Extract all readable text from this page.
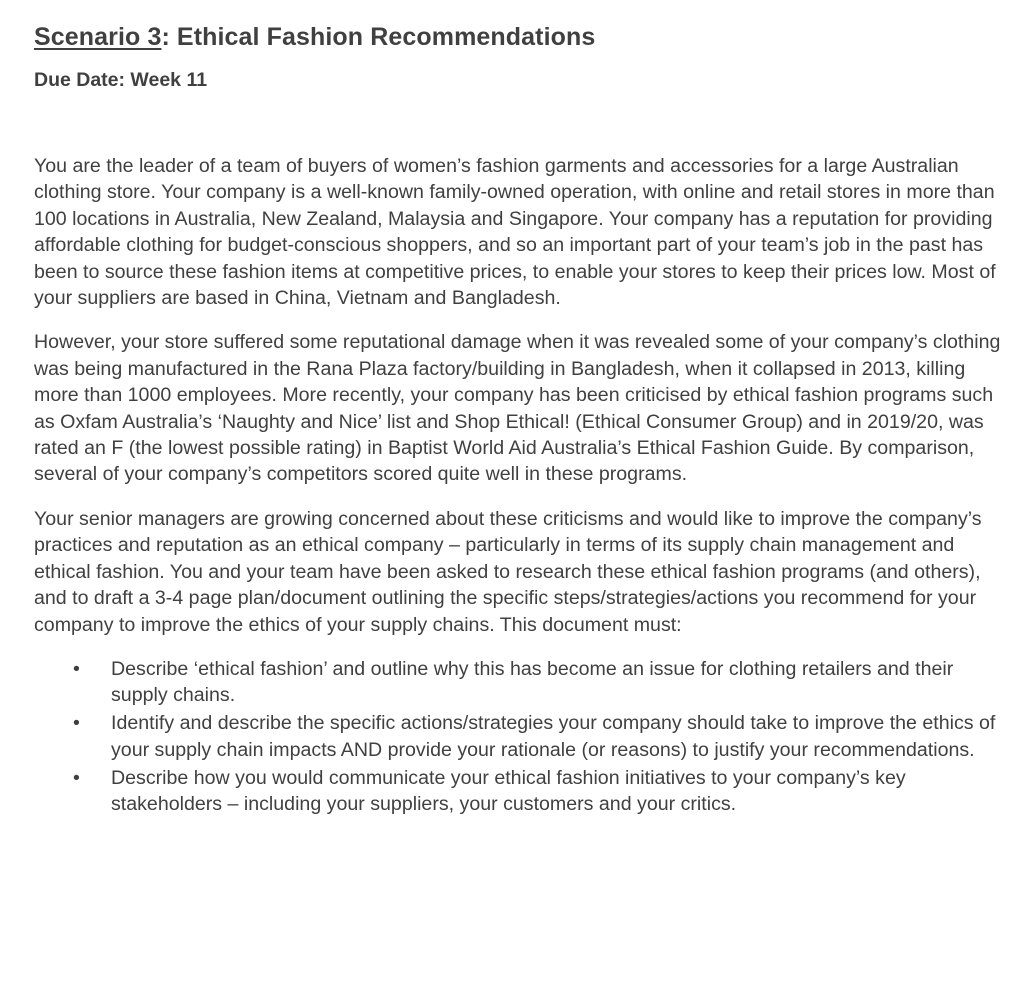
Scenario 3: Ethical Fashion Recommendations
Due Date: Week 11

You are the leader of a team of buyers of women’s fashion garments and accessories for a large Australian clothing store. Your company is a well-known family-owned operation, with online and retail stores in more than 100 locations in Australia, New Zealand, Malaysia and Singapore. Your company has a reputation for providing affordable clothing for budget-conscious shoppers, and so an important part of your team’s job in the past has been to source these fashion items at competitive prices, to enable your stores to keep their prices low. Most of your suppliers are based in China, Vietnam and Bangladesh.

However, your store suffered some reputational damage when it was revealed some of your company’s clothing was being manufactured in the Rana Plaza factory/building in Bangladesh, when it collapsed in 2013, killing more than 1000 employees. More recently, your company has been criticised by ethical fashion programs such as Oxfam Australia’s ‘Naughty and Nice’ list and Shop Ethical! (Ethical Consumer Group) and in 2019/20, was rated an F (the lowest possible rating) in Baptist World Aid Australia’s Ethical Fashion Guide. By comparison, several of your company’s competitors scored quite well in these programs.

Your senior managers are growing concerned about these criticisms and would like to improve the company’s practices and reputation as an ethical company – particularly in terms of its supply chain management and ethical fashion. You and your team have been asked to research these ethical fashion programs (and others), and to draft a 3-4 page plan/document outlining the specific steps/strategies/actions you recommend for your company to improve the ethics of your supply chains. This document must:

• Describe ‘ethical fashion’ and outline why this has become an issue for clothing retailers and their supply chains.
• Identify and describe the specific actions/strategies your company should take to improve the ethics of your supply chain impacts AND provide your rationale (or reasons) to justify your recommendations.
• Describe how you would communicate your ethical fashion initiatives to your company’s key stakeholders – including your suppliers, your customers and your critics.
